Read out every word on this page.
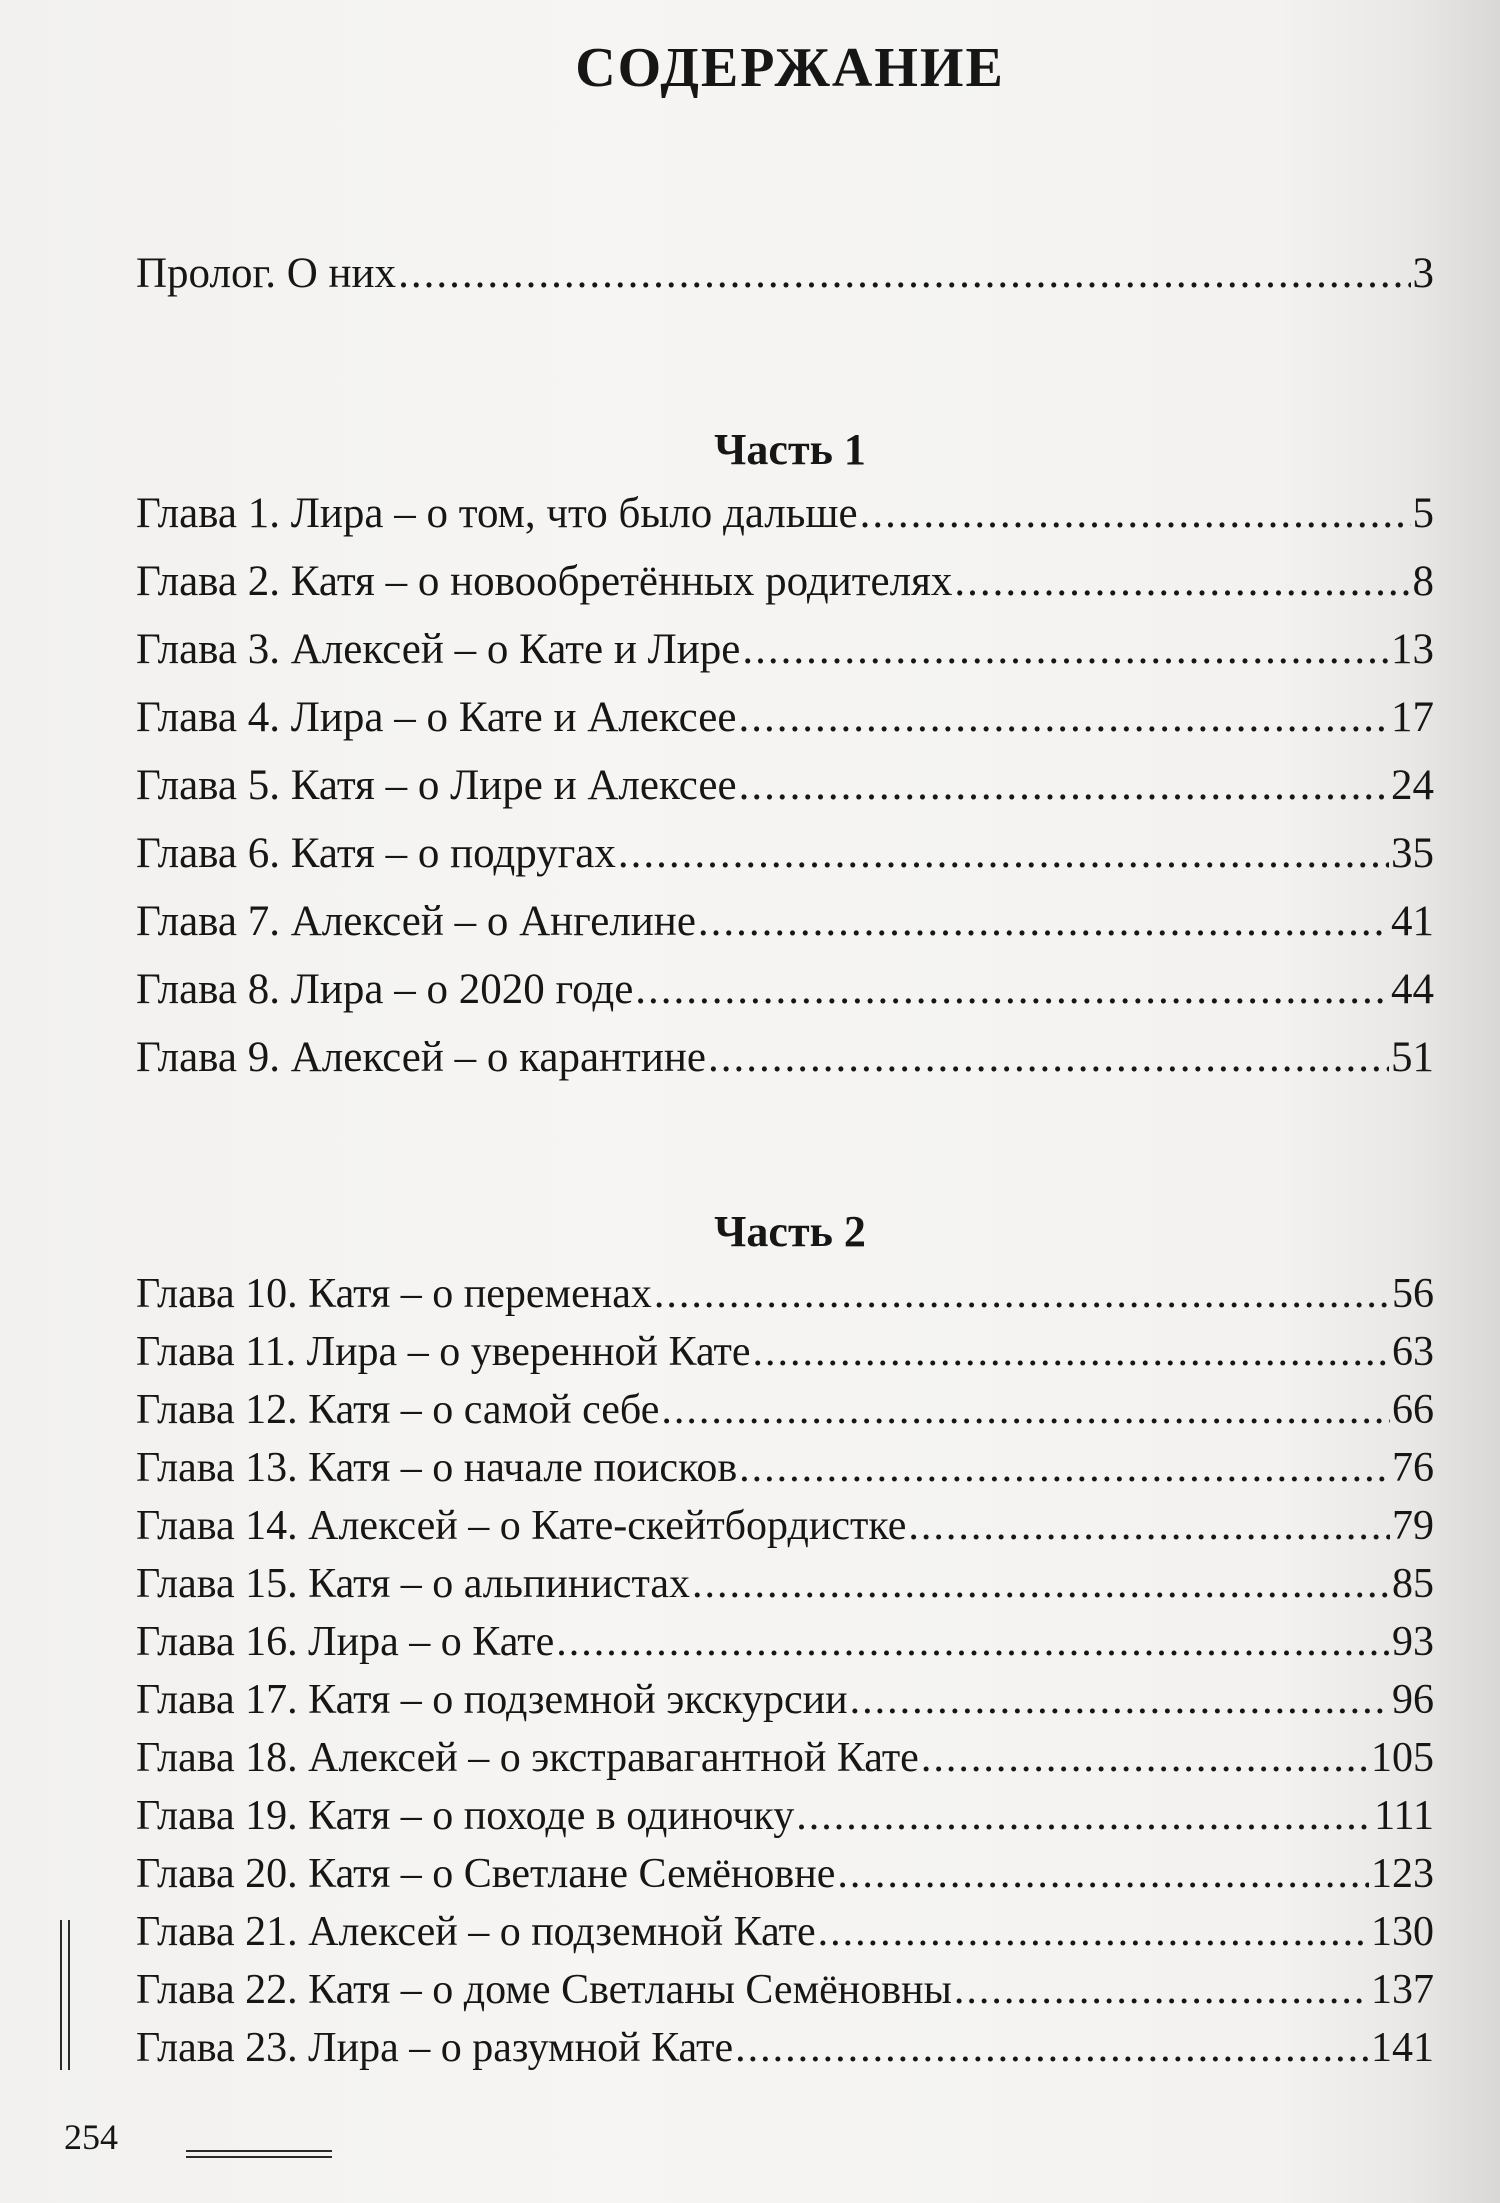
СОДЕРЖАНИЕ
Пролог. О них .....	3
Часть 1
Глава 1. Лира – о том, что было дальше .....	5
Глава 2. Катя – о новообретённых родителях .....	8
Глава 3. Алексей – о Кате и Лире .....	13
Глава 4. Лира – о Кате и Алексее .....	17
Глава 5. Катя – о Лире и Алексее .....	24
Глава 6. Катя – о подругах .....	35
Глава 7. Алексей – о Ангелине .....	41
Глава 8. Лира – о 2020 годе .....	44
Глава 9. Алексей – о карантине .....	51
Часть 2
Глава 10. Катя – о переменах .....	56
Глава 11. Лира – о уверенной Кате .....	63
Глава 12. Катя – о самой себе .....	66
Глава 13. Катя – о начале поисков .....	76
Глава 14. Алексей – о Кате-скейтбордистке .....	79
Глава 15. Катя – о альпинистах .....	85
Глава 16. Лира – о Кате .....	93
Глава 17. Катя – о подземной экскурсии .....	96
Глава 18. Алексей – о экстравагантной Кате .....	105
Глава 19. Катя – о походе в одиночку .....	111
Глава 20. Катя – о Светлане Семёновне .....	123
Глава 21. Алексей – о подземной Кате .....	130
Глава 22. Катя – о доме Светланы Семёновны .....	137
Глава 23. Лира – о разумной Кате .....	141
254
